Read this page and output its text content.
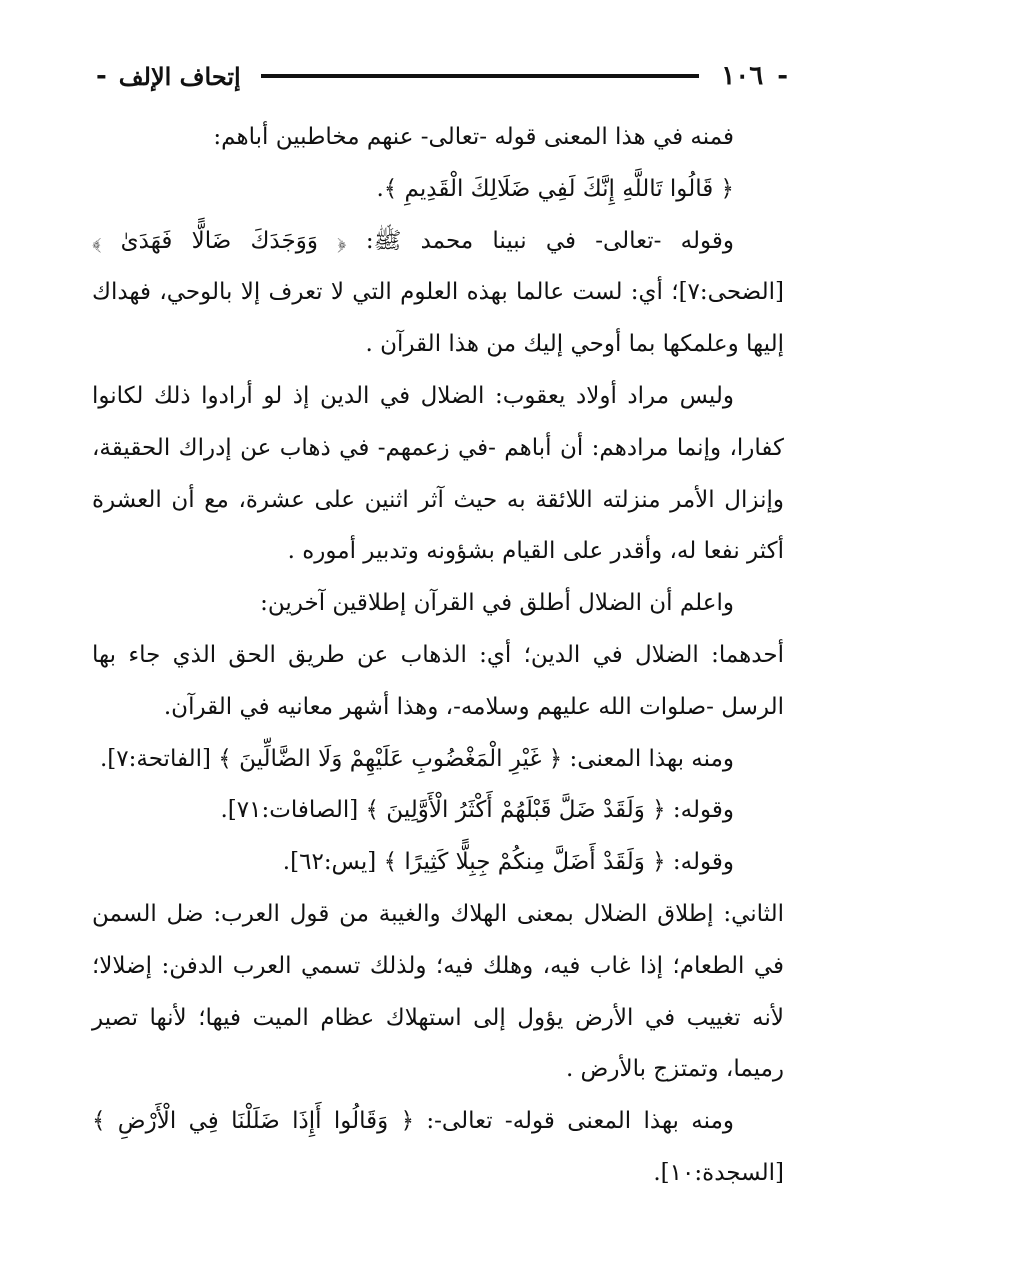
-
١٠٦
إتحاف الإلف
-

فمنه في هذا المعنى قوله -تعالى- عنهم مخاطبين أباهم:

﴿ قَالُوا تَاللَّهِ إِنَّكَ لَفِي ضَلَالِكَ الْقَدِيمِ ﴾.

وقوله -تعالى- في نبينا محمد ﷺ: ﴿ وَوَجَدَكَ ضَالًّا فَهَدَىٰ ﴾ [الضحى:٧]؛ أي: لست عالما بهذه العلوم التي لا تعرف إلا بالوحي، فهداك إليها وعلمكها بما أوحي إليك من هذا القرآن .

وليس مراد أولاد يعقوب: الضلال في الدين إذ لو أرادوا ذلك لكانوا كفارا، وإنما مرادهم: أن أباهم -في زعمهم- في ذهاب عن إدراك الحقيقة، وإنزال الأمر منزلته اللائقة به حيث آثر اثنين على عشرة، مع أن العشرة أكثر نفعا له، وأقدر على القيام بشؤونه وتدبير أموره .

واعلم أن الضلال أطلق في القرآن إطلاقين آخرين:

أحدهما: الضلال في الدين؛ أي: الذهاب عن طريق الحق الذي جاء بها الرسل -صلوات الله عليهم وسلامه-، وهذا أشهر معانيه في القرآن.

ومنه بهذا المعنى: ﴿ غَيْرِ الْمَغْضُوبِ عَلَيْهِمْ وَلَا الضَّالِّينَ ﴾ [الفاتحة:٧].

وقوله: ﴿ وَلَقَدْ ضَلَّ قَبْلَهُمْ أَكْثَرُ الْأَوَّلِينَ ﴾ [الصافات:٧١].

وقوله: ﴿ وَلَقَدْ أَضَلَّ مِنكُمْ جِبِلًّا كَثِيرًا ﴾ [يس:٦٢].

الثاني: إطلاق الضلال بمعنى الهلاك والغيبة من قول العرب: ضل السمن في الطعام؛ إذا غاب فيه، وهلك فيه؛ ولذلك تسمي العرب الدفن: إضلالا؛ لأنه تغييب في الأرض يؤول إلى استهلاك عظام الميت فيها؛ لأنها تصير رميما، وتمتزج بالأرض .

ومنه بهذا المعنى قوله- تعالى-: ﴿ وَقَالُوا أَإِذَا ضَلَلْنَا فِي الْأَرْضِ ﴾ [السجدة:١٠].
